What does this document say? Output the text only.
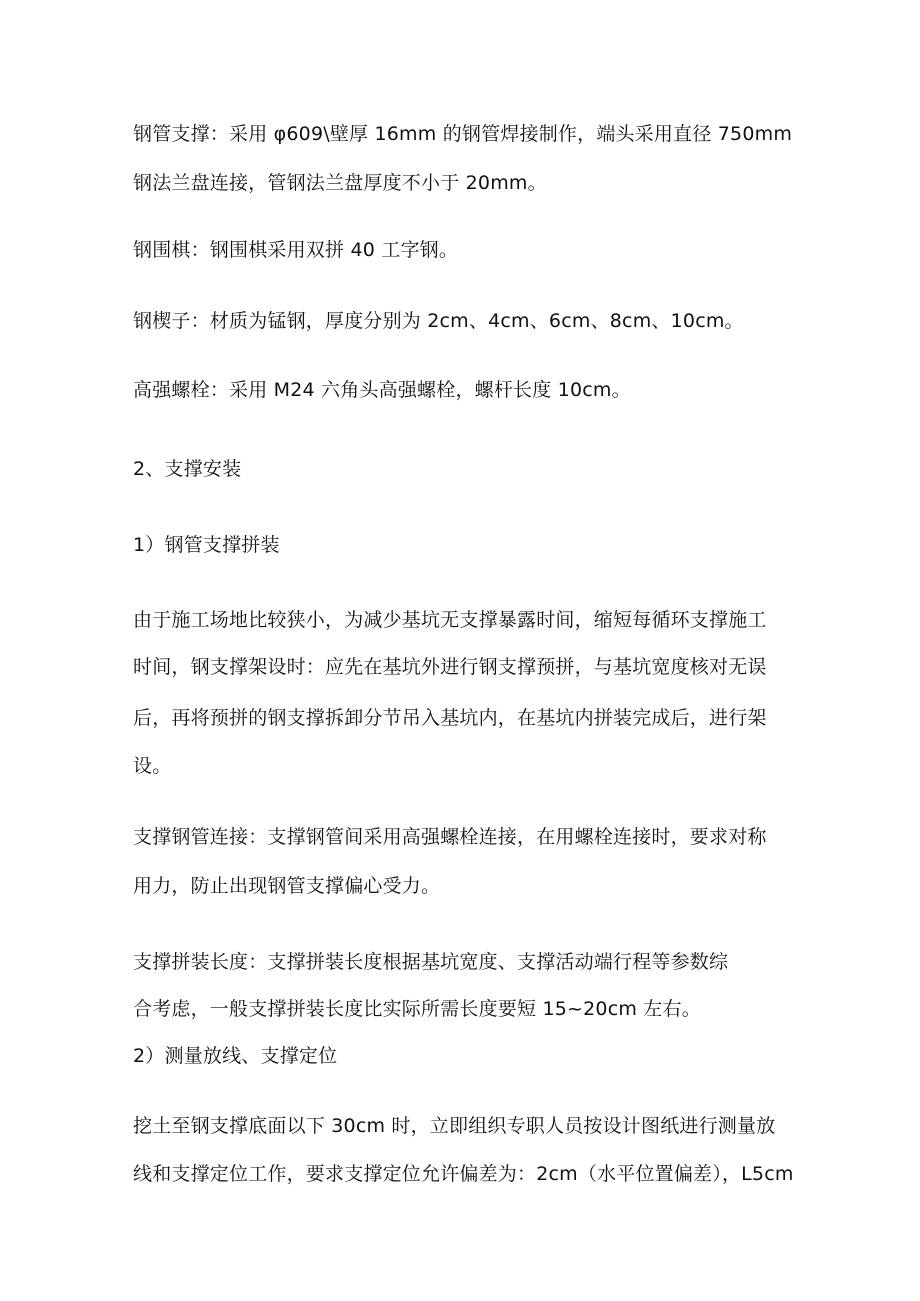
钢管支撑：采用 φ609\壁厚 16mm 的钢管焊接制作，端头采用直径 750mm
钢法兰盘连接，管钢法兰盘厚度不小于 20mm。
钢围棋：钢围棋采用双拼 40 工字钢。
钢楔子：材质为锰钢，厚度分别为 2cm、4cm、6cm、8cm、10cm。
高强螺栓：采用 M24 六角头高强螺栓，螺杆长度 10cm。
2、支撑安装
1）钢管支撑拼装
由于施工场地比较狭小，为减少基坑无支撑暴露时间，缩短每循环支撑施工
时间，钢支撑架设时：应先在基坑外进行钢支撑预拼，与基坑宽度核对无误
后，再将预拼的钢支撑拆卸分节吊入基坑内，在基坑内拼装完成后，进行架
设。
支撑钢管连接：支撑钢管间采用高强螺栓连接，在用螺栓连接时，要求对称
用力，防止出现钢管支撑偏心受力。
支撑拼装长度：支撑拼装长度根据基坑宽度、支撑活动端行程等参数综
合考虑，一般支撑拼装长度比实际所需长度要短 15~20cm 左右。
2）测量放线、支撑定位
挖土至钢支撑底面以下 30cm 时，立即组织专职人员按设计图纸进行测量放
线和支撑定位工作，要求支撑定位允许偏差为：2cm（水平位置偏差），L5cm
